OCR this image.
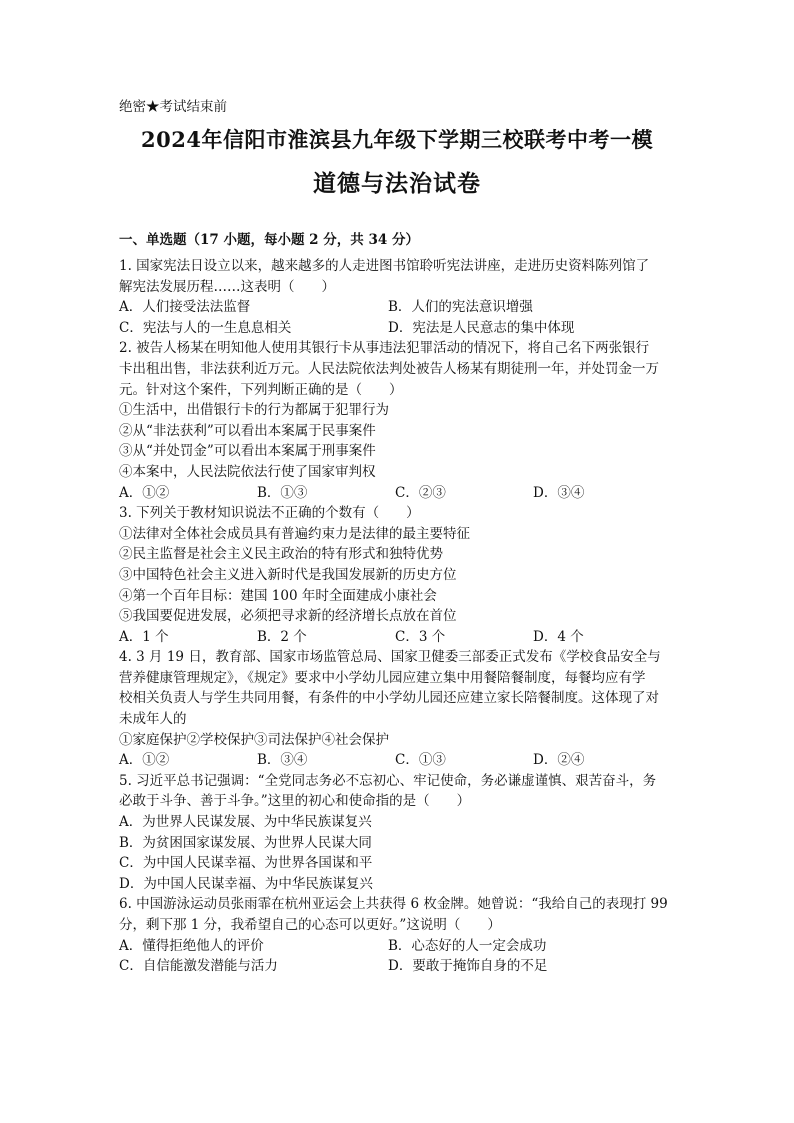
绝密★考试结束前
2024年信阳市淮滨县九年级下学期三校联考中考一模
道德与法治试卷
一、单选题（17 小题，每小题 2 分，共 34 分）
1. 国家宪法日设立以来，越来越多的人走进图书馆聆听宪法讲座，走进历史资料陈列馆了
解宪法发展历程……这表明（　　）
A．人们接受法法监督	B．人们的宪法意识增强
C．宪法与人的一生息息相关	D．宪法是人民意志的集中体现
2. 被告人杨某在明知他人使用其银行卡从事违法犯罪活动的情况下，将自己名下两张银行
卡出租出售，非法获利近万元。人民法院依法判处被告人杨某有期徒刑一年，并处罚金一万
元。针对这个案件，下列判断正确的是（　　）
①生活中，出借银行卡的行为都属于犯罪行为
②从“非法获利”可以看出本案属于民事案件
③从“并处罚金”可以看出本案属于刑事案件
④本案中，人民法院依法行使了国家审判权
A．①②	B．①③	C．②③	D．③④
3. 下列关于教材知识说法不正确的个数有（　　）
①法律对全体社会成员具有普遍约束力是法律的最主要特征
②民主监督是社会主义民主政治的特有形式和独特优势
③中国特色社会主义进入新时代是我国发展新的历史方位
④第一个百年目标：建国 100 年时全面建成小康社会
⑤我国要促进发展，必须把寻求新的经济增长点放在首位
A．1 个	B．2 个	C．3 个	D．4 个
4. 3 月 19 日，教育部、国家市场监管总局、国家卫健委三部委正式发布《学校食品安全与
营养健康管理规定》，《规定》要求中小学幼儿园应建立集中用餐陪餐制度，每餐均应有学
校相关负责人与学生共同用餐，有条件的中小学幼儿园还应建立家长陪餐制度。这体现了对
未成年人的
①家庭保护②学校保护③司法保护④社会保护
A．①②	B．③④	C．①③	D．②④
5. 习近平总书记强调：“全党同志务必不忘初心、牢记使命，务必谦虚谨慎、艰苦奋斗，务
必敢于斗争、善于斗争。”这里的初心和使命指的是（　　）
A．为世界人民谋发展、为中华民族谋复兴
B．为贫困国家谋发展、为世界人民谋大同
C．为中国人民谋幸福、为世界各国谋和平
D．为中国人民谋幸福、为中华民族谋复兴
6. 中国游泳运动员张雨霏在杭州亚运会上共获得 6 枚金牌。她曾说：“我给自己的表现打 99
分，剩下那 1 分，我希望自己的心态可以更好。”这说明（　　）
A．懂得拒绝他人的评价	B．心态好的人一定会成功
C．自信能激发潜能与活力	D．要敢于掩饰自身的不足
